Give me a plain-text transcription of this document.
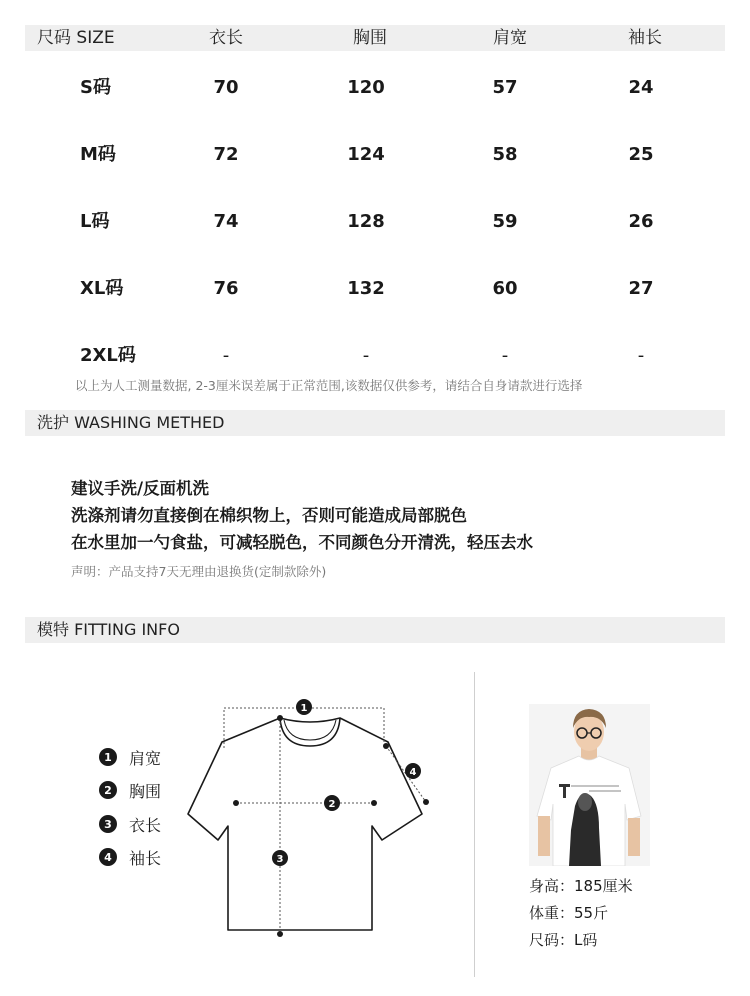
尺码 SIZE	衣长	胸围	肩宽	袖长
S码	70	120	57	24
M码	72	124	58	25
L码	74	128	59	26
XL码	76	132	60	27
2XL码	-	-	-	-
以上为人工测量数据, 2-3厘米误差属于正常范围,该数据仅供参考，请结合自身请款进行选择
洗护 WASHING METHED
建议手洗/反面机洗
洗涤剂请勿直接倒在棉织物上，否则可能造成局部脱色
在水里加一勺食盐，可减轻脱色，不同颜色分开清洗，轻压去水
声明：产品支持7天无理由退换货(定制款除外)
模特 FITTING INFO
1	肩宽
2	胸围
3	衣长
4	袖长
1
2
3
4
身高：185厘米
体重：55斤
尺码：L码
